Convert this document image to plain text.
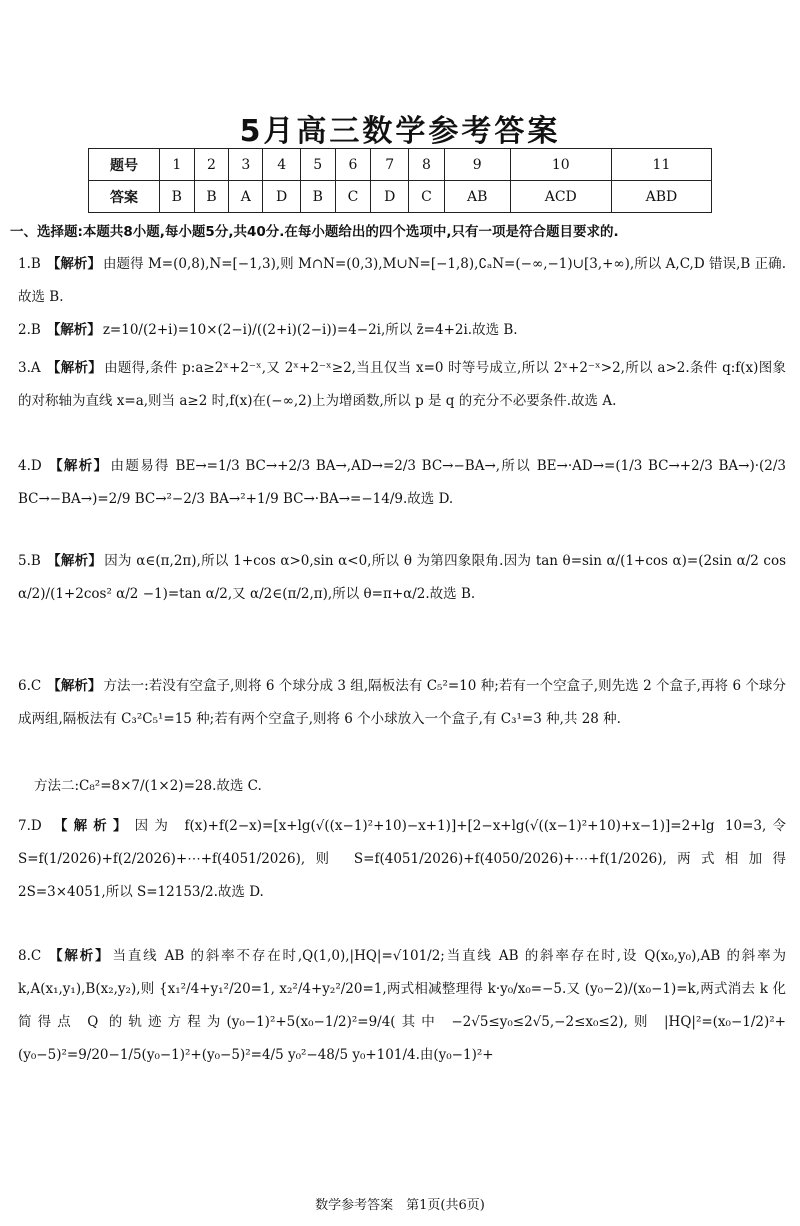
5月高三数学参考答案
题号	1	2	3	4	5	6	7	8	9	10	11
答案	B	B	A	D	B	C	D	C	AB	ACD	ABD
一、选择题:本题共8小题,每小题5分,共40分.在每小题给出的四个选项中,只有一项是符合题目要求的.
1.B 【解析】 由题得 M=(0,8),N=[−1,3),则 M∩N=(0,3),M∪N=[−1,8),∁ₐN=(−∞,−1)∪[3,+∞),所以 A,C,D 错误,B 正确.故选 B.
2.B 【解析】 z=10/(2+i)=10×(2−i)/((2+i)(2−i))=4−2i,所以 z̄=4+2i.故选 B.
3.A 【解析】 由题得,条件 p:a≥2ˣ+2⁻ˣ,又 2ˣ+2⁻ˣ≥2,当且仅当 x=0 时等号成立,所以 2ˣ+2⁻ˣ>2,所以 a>2.条件 q:f(x)图象的对称轴为直线 x=a,则当 a≥2 时,f(x)在(−∞,2)上为增函数,所以 p 是 q 的充分不必要条件.故选 A.
4.D 【解析】 由题易得 BE→=1/3 BC→+2/3 BA→,AD→=2/3 BC→−BA→,所以 BE→·AD→=(1/3 BC→+2/3 BA→)·(2/3 BC→−BA→)=2/9 BC→²−2/3 BA→²+1/9 BC→·BA→=−14/9.故选 D.
5.B 【解析】 因为 α∈(π,2π),所以 1+cos α>0,sin α<0,所以 θ 为第四象限角.因为 tan θ=sin α/(1+cos α)=(2sin α/2 cos α/2)/(1+2cos² α/2 −1)=tan α/2,又 α/2∈(π/2,π),所以 θ=π+α/2.故选 B.
6.C 【解析】 方法一:若没有空盒子,则将 6 个球分成 3 组,隔板法有 C₅²=10 种;若有一个空盒子,则先选 2 个盒子,再将 6 个球分成两组,隔板法有 C₃²C₅¹=15 种;若有两个空盒子,则将 6 个小球放入一个盒子,有 C₃¹=3 种,共 28 种.
方法二:C₈²=8×7/(1×2)=28.故选 C.
7.D 【解析】 因为 f(x)+f(2−x)=[x+lg(√((x−1)²+10)−x+1)]+[2−x+lg(√((x−1)²+10)+x−1)]=2+lg 10=3,令 S=f(1/2026)+f(2/2026)+⋯+f(4051/2026),则 S=f(4051/2026)+f(4050/2026)+⋯+f(1/2026),两式相加得 2S=3×4051,所以 S=12153/2.故选 D.
8.C 【解析】 当直线 AB 的斜率不存在时,Q(1,0),|HQ|=√101/2;当直线 AB 的斜率存在时,设 Q(x₀,y₀),AB 的斜率为 k,A(x₁,y₁),B(x₂,y₂),则 {x₁²/4+y₁²/20=1, x₂²/4+y₂²/20=1,两式相减整理得 k·y₀/x₀=−5.又 (y₀−2)/(x₀−1)=k,两式消去 k 化简得点 Q 的轨迹方程为(y₀−1)²+5(x₀−1/2)²=9/4(其中 −2√5≤y₀≤2√5,−2≤x₀≤2),则 |HQ|²=(x₀−1/2)²+(y₀−5)²=9/20−1/5(y₀−1)²+(y₀−5)²=4/5 y₀²−48/5 y₀+101/4.由(y₀−1)²+
数学参考答案　第1页(共6页)
